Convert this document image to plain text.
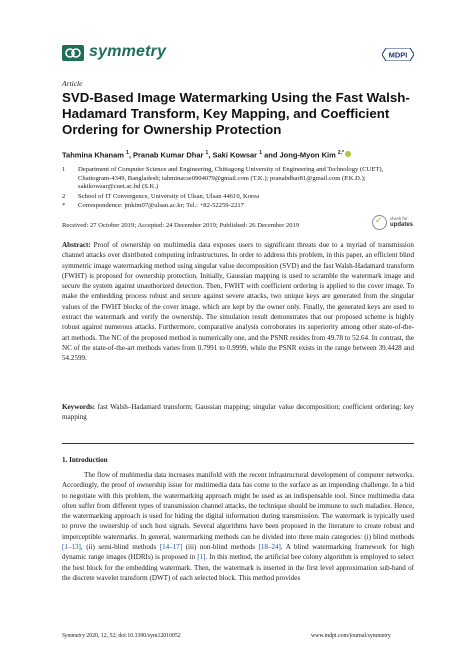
symmetry	MDPI
Article
SVD-Based Image Watermarking Using the Fast Walsh-Hadamard Transform, Key Mapping, and Coefficient Ordering for Ownership Protection
Tahmina Khanam $^1$, Pranab Kumar Dhar $^1$, Saki Kowsar $^1$ and Jong-Myon Kim $^{2,*}$
1	Department of Computer Science and Engineering, Chittagong University of Engineering and Technology (CUET), Chattogram-4349, Bangladesh; tahminacse0904079@gmail.com (T.K.); pranabdhar81@gmail.com (P.K.D.); sakikowsar@cuet.ac.bd (S.K.)
2	School of IT Convergence, University of Ulsan, Ulsan 44610, Korea
*	Correspondence: jmkim07@ulsan.ac.kr; Tel.: +82-52259-2217
Received: 27 October 2019; Accepted: 24 December 2019; Published: 26 December 2019	✓ check for
updates
Abstract: Proof of ownership on multimedia data exposes users to significant threats due to a myriad of transmission channel attacks over distributed computing infrastructures. In order to address this problem, in this paper, an efficient blind symmetric image watermarking method using singular value decomposition (SVD) and the fast Walsh-Hadamard transform (FWHT) is proposed for ownership protection. Initially, Gaussian mapping is used to scramble the watermark image and secure the system against unauthorized detection. Then, FWHT with coefficient ordering is applied to the cover image. To make the embedding process robust and secure against severe attacks, two unique keys are generated from the singular values of the FWHT blocks of the cover image, which are kept by the owner only. Finally, the generated keys are used to extract the watermark and verify the ownership. The simulation result demonstrates that our proposed scheme is highly robust against numerous attacks. Furthermore, comparative analysis corroborates its superiority among other state-of-the-art methods. The NC of the proposed method is numerically one, and the PSNR resides from 49.78 to 52.64. In contrast, the NC of the state-of-the-art methods varies from 0.7991 to 0.9999, while the PSNR exists in the range between 39.4428 and 54.2599.
Keywords: fast Walsh–Hadamard transform; Gaussian mapping; singular value decomposition; coefficient ordering; key mapping
1. Introduction
The flow of multimedia data increases manifold with the recent infrastructural development of computer networks. Accordingly, the proof of ownership issue for multimedia data has come to the surface as an impending challenge. In a bid to negotiate with this problem, the watermarking approach might be used as an indispensable tool. Since multimedia data often suffer from different types of transmission channel attacks, the technique should be immune to such maladies. Hence, the watermarking approach is used for hiding the digital information during transmission. The watermark is typically used to prove the ownership of such host signals. Several algorithms have been proposed in the literature to create robust and imperceptible watermarks. In general, watermarking methods can be divided into three main categories: (i) blind methods [1–13], (ii) semi-blind methods [14–17] (iii) non-blind methods [18–24]. A blind watermarking framework for high dynamic range images (HDRIs) is proposed in [1]. In this method, the artificial bee colony algorithm is employed to select the best block for the embedding watermark. Then, the watermark is inserted in the first level approximation sub-band of the discrete wavelet transform (DWT) of each selected block. This method provides
Symmetry 2020, 12, 52; doi:10.3390/sym12010052	www.mdpi.com/journal/symmetry
